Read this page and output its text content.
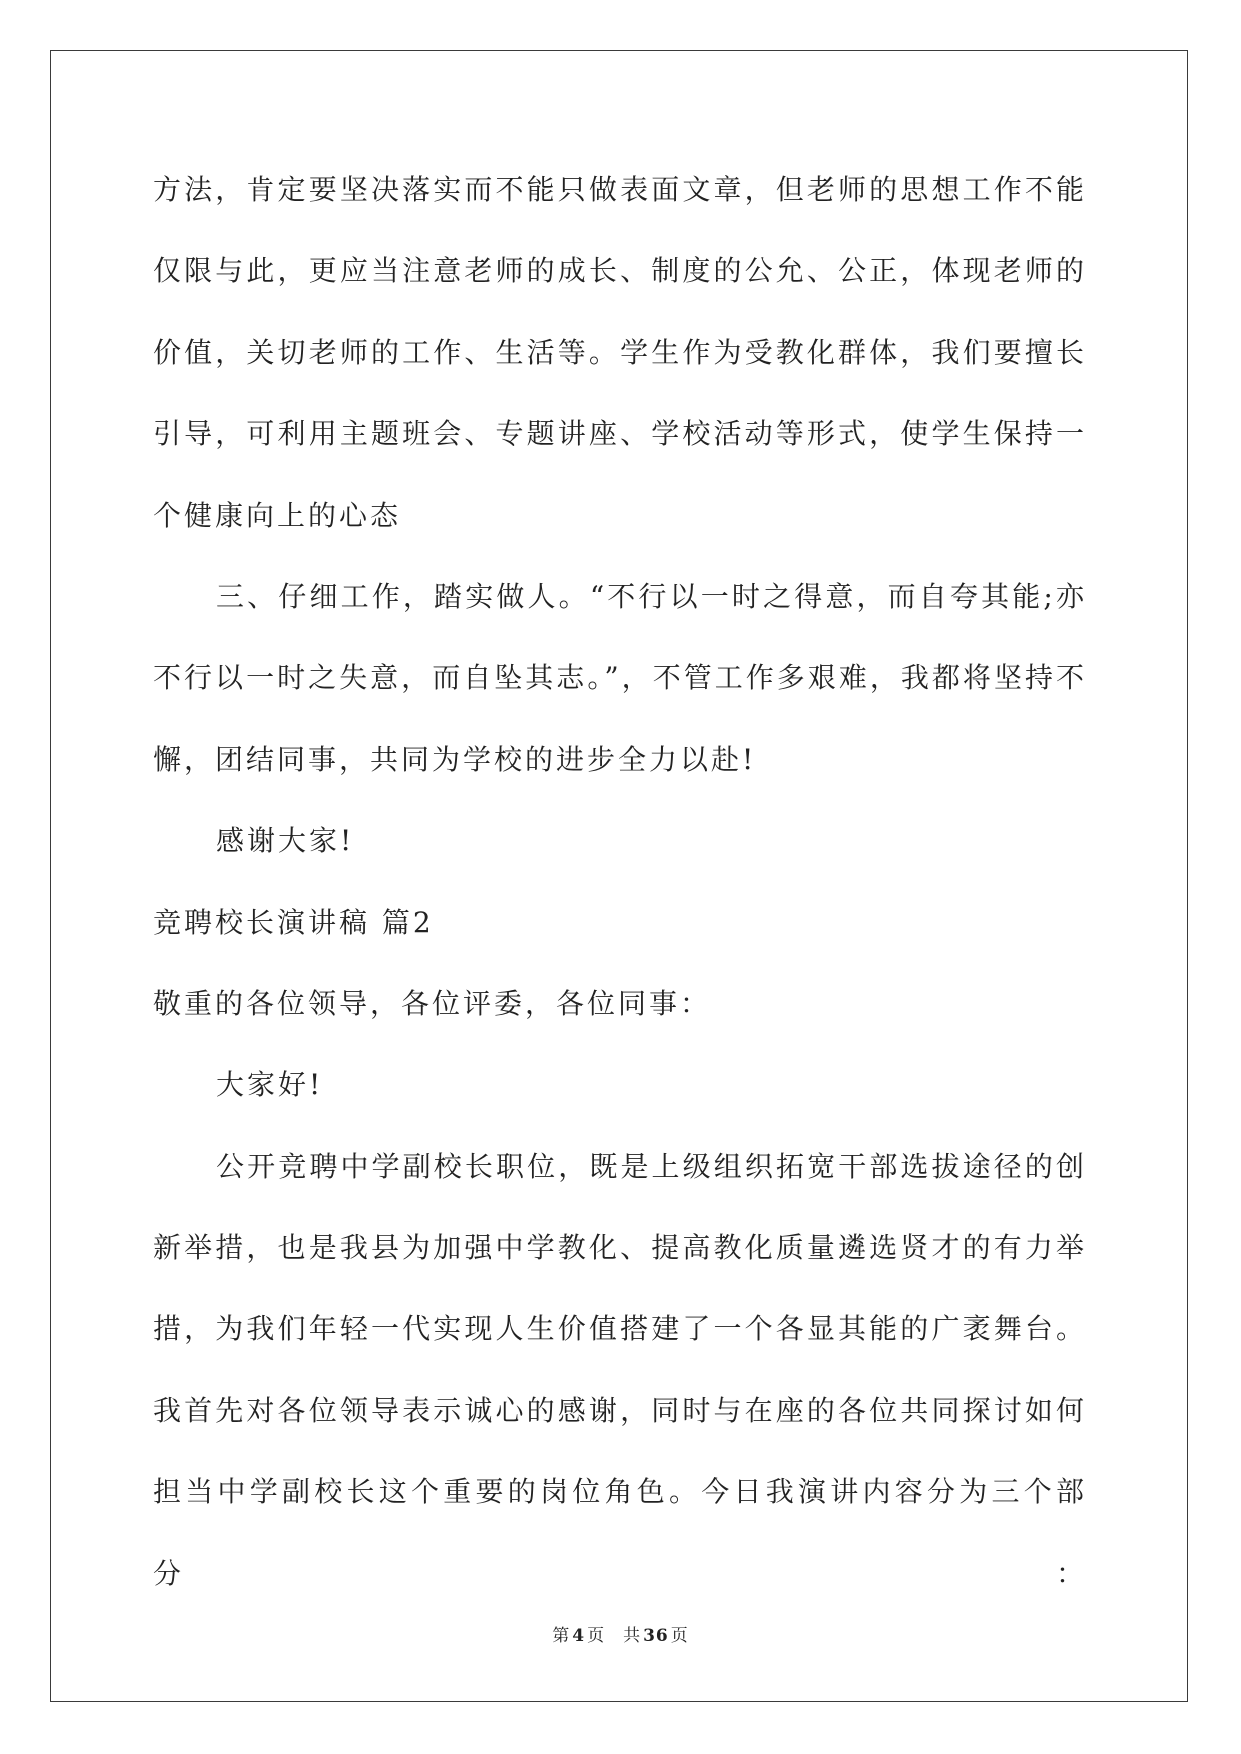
方法，肯定要坚决落实而不能只做表面文章，但老师的思想工作不能
仅限与此，更应当注意老师的成长、制度的公允、公正，体现老师的
价值，关切老师的工作、生活等。学生作为受教化群体，我们要擅长
引导，可利用主题班会、专题讲座、学校活动等形式，使学生保持一
个健康向上的心态
三、仔细工作，踏实做人。“不行以一时之得意，而自夸其能;亦
不行以一时之失意，而自坠其志。”，不管工作多艰难，我都将坚持不
懈，团结同事，共同为学校的进步全力以赴!
感谢大家!
竞聘校长演讲稿 篇2
敬重的各位领导，各位评委，各位同事：
大家好!
公开竞聘中学副校长职位，既是上级组织拓宽干部选拔途径的创
新举措，也是我县为加强中学教化、提高教化质量遴选贤才的有力举
措，为我们年轻一代实现人生价值搭建了一个各显其能的广袤舞台。
我首先对各位领导表示诚心的感谢，同时与在座的各位共同探讨如何
担当中学副校长这个重要的岗位角色。今日我演讲内容分为三个部分：
第 4 页 共 36 页
